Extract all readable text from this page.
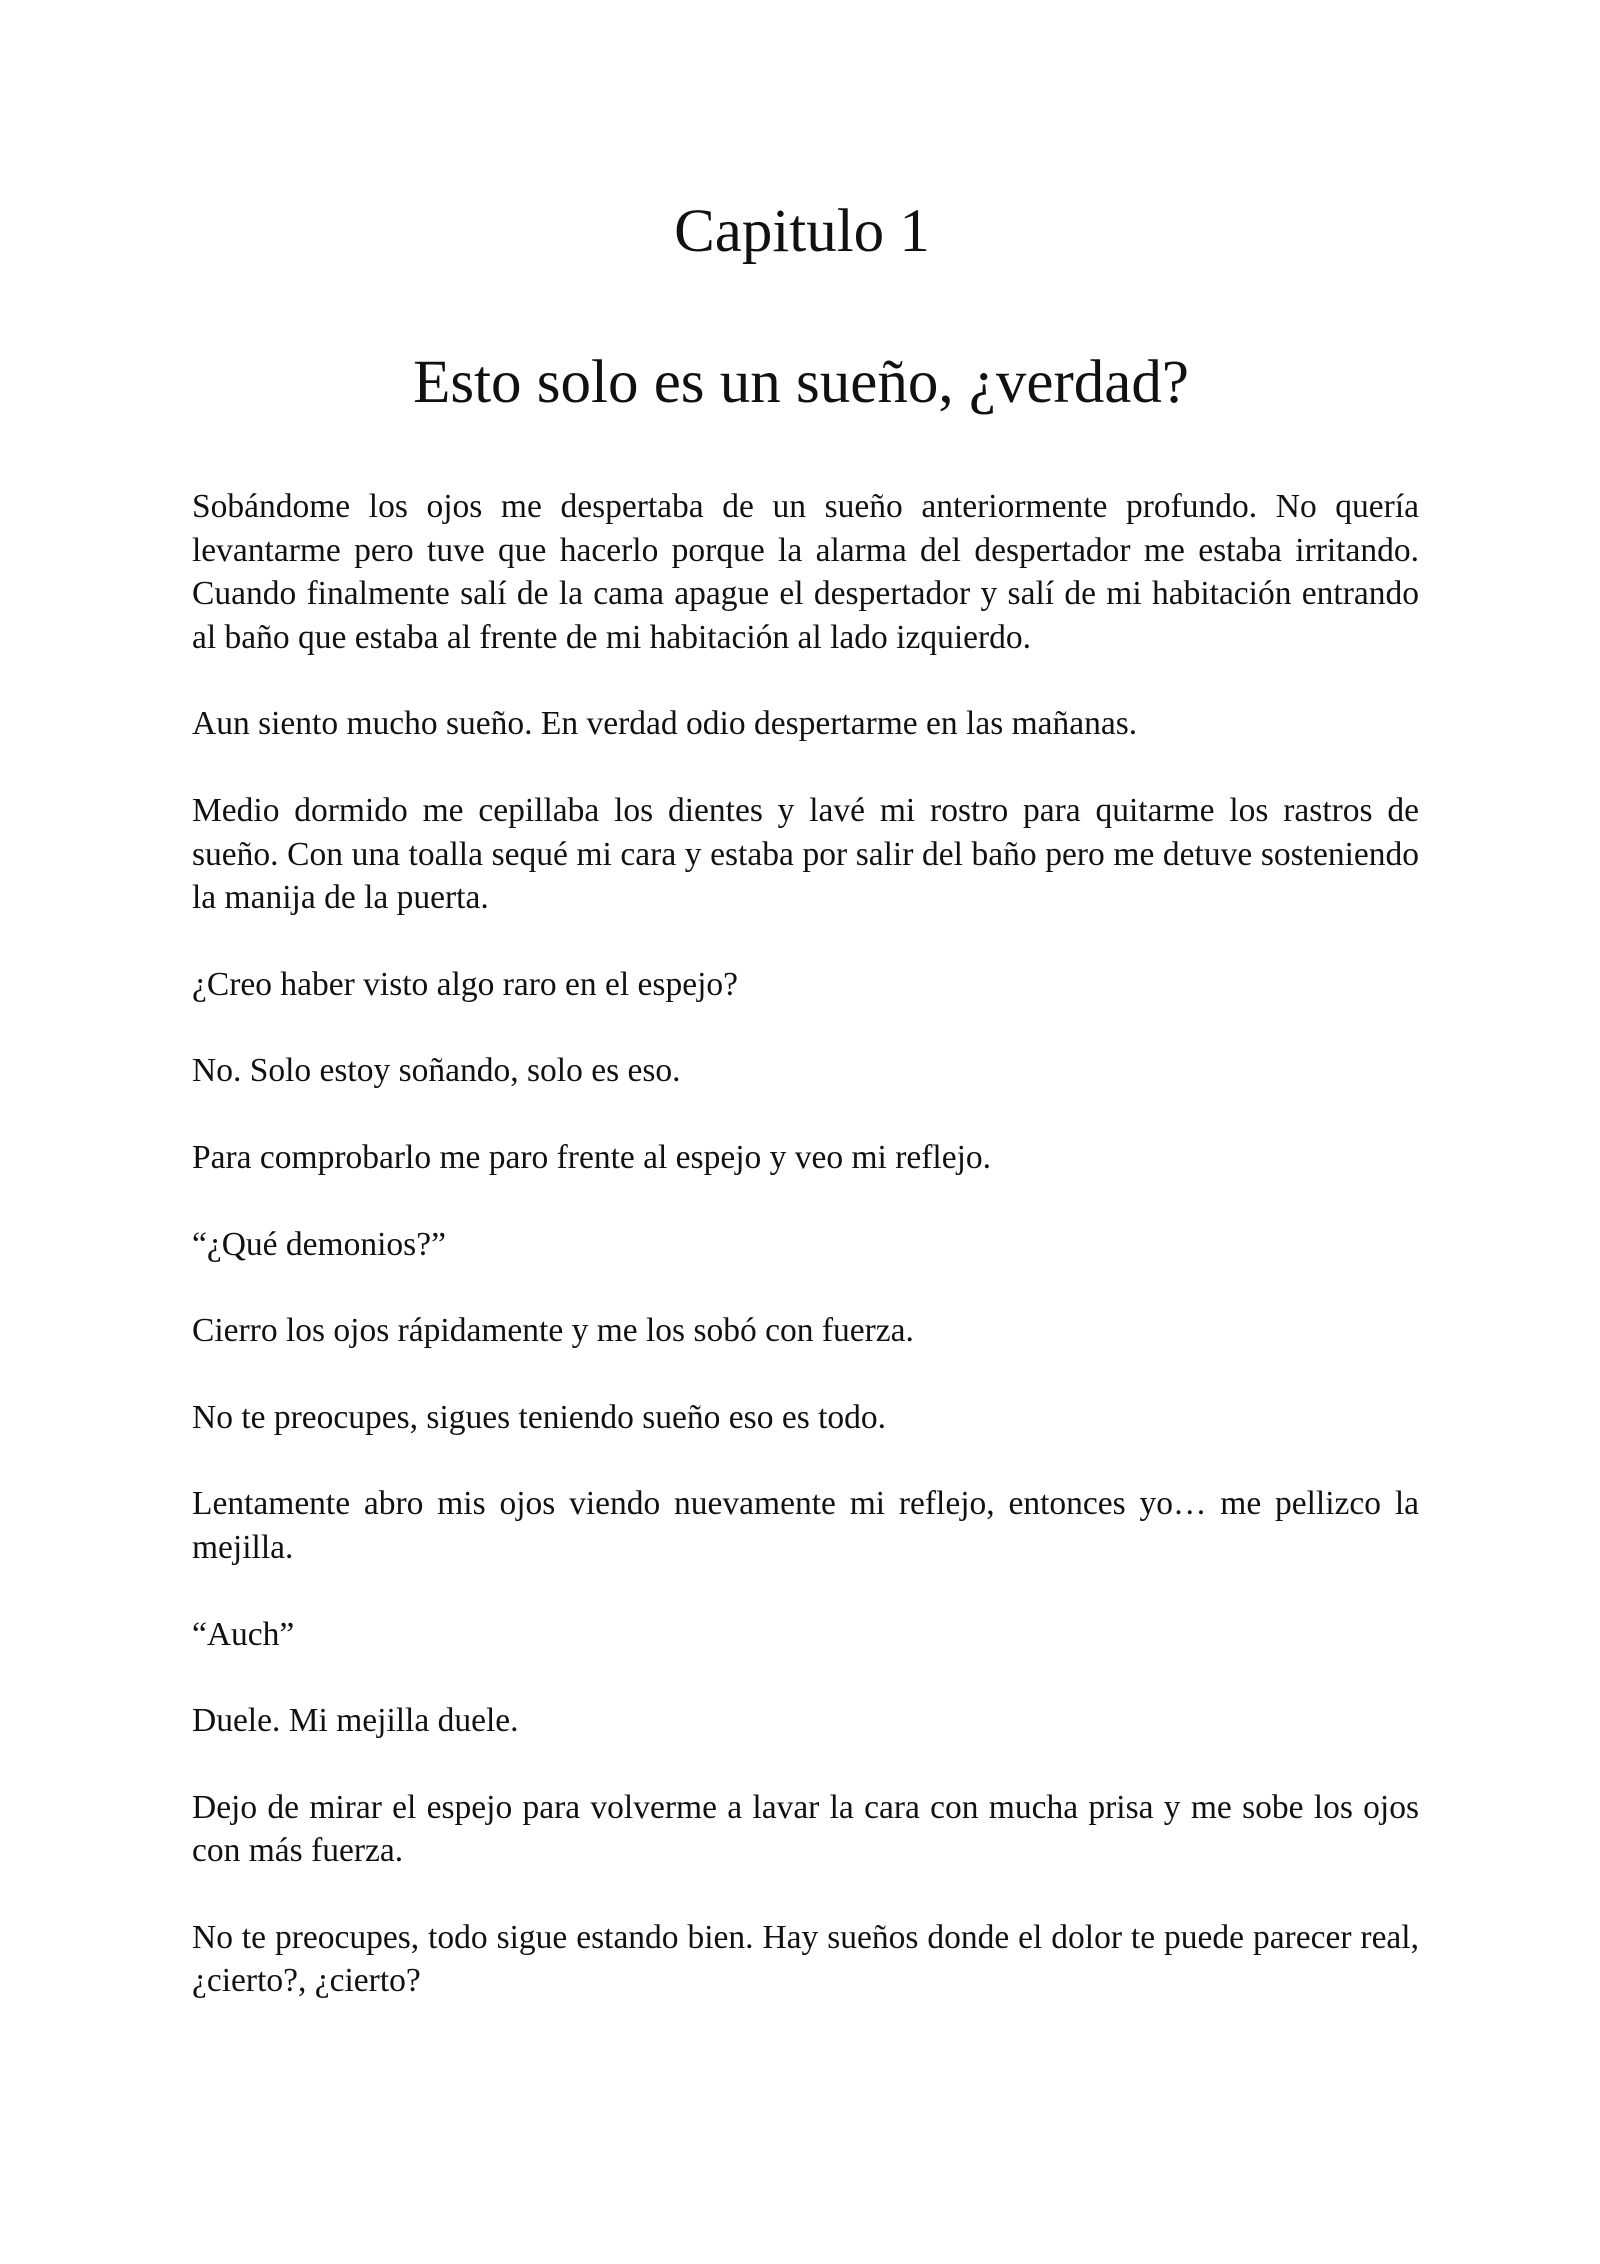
Capitulo 1
Esto solo es un sueño, ¿verdad?

Sobándome los ojos me despertaba de un sueño anteriormente profundo. No quería levantarme pero tuve que hacerlo porque la alarma del despertador me estaba irritando. Cuando finalmente salí de la cama apague el despertador y salí de mi habitación entrando al baño que estaba al frente de mi habitación al lado izquierdo.

Aun siento mucho sueño. En verdad odio despertarme en las mañanas.

Medio dormido me cepillaba los dientes y lavé mi rostro para quitarme los rastros de sueño. Con una toalla sequé mi cara y estaba por salir del baño pero me detuve sosteniendo la manija de la puerta.

¿Creo haber visto algo raro en el espejo?

No. Solo estoy soñando, solo es eso.

Para comprobarlo me paro frente al espejo y veo mi reflejo.

“¿Qué demonios?”

Cierro los ojos rápidamente y me los sobó con fuerza.

No te preocupes, sigues teniendo sueño eso es todo.

Lentamente abro mis ojos viendo nuevamente mi reflejo, entonces yo… me pellizco la mejilla.

“Auch”

Duele. Mi mejilla duele.

Dejo de mirar el espejo para volverme a lavar la cara con mucha prisa y me sobe los ojos con más fuerza.

No te preocupes, todo sigue estando bien. Hay sueños donde el dolor te puede parecer real, ¿cierto?, ¿cierto?
